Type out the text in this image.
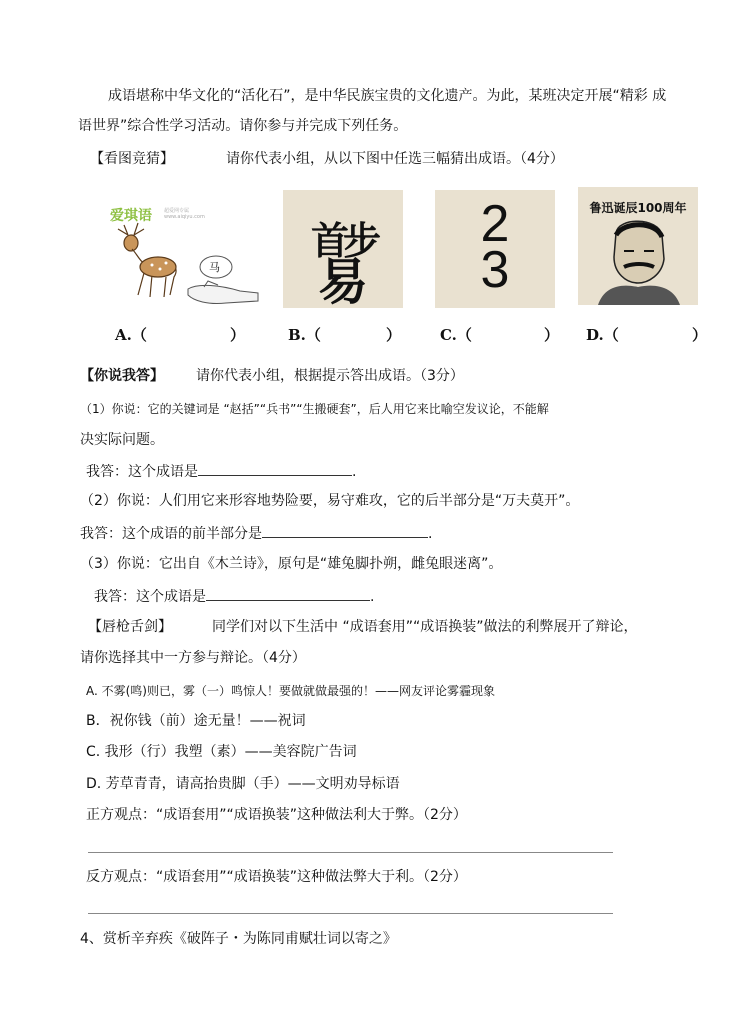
成语堪称中华文化的“活化石”，是中华民族宝贵的文化遗产。为此，某班决定开展“精彩 成
语世界”综合性学习活动。请你参与并完成下列任务。
【看图竞猜】	请你代表小组，从以下图中任选三幅猜出成语。（4分）
爱琪语 超爱网专属 www.aiqiyu.com
马
首步
易
2
3
鲁迅诞辰100周年
A.（	）	B.（	）	C.（	） D.（	）
【你说我答】 请你代表小组，根据提示答出成语。（3分）
（1）你说：它的关键词是 “赵括”“兵书”“生搬硬套”，后人用它来比喻空发议论，不能解
决实际问题。
我答：这个成语是	.
（2）你说：人们用它来形容地势险要，易守难攻，它的后半部分是“万夫莫开”。
我答：这个成语的前半部分是	.
（3）你说：它出自《木兰诗》，原句是“雄兔脚扑朔，雌兔眼迷离”。
我答：这个成语是	.
【唇枪舌剑】	同学们对以下生活中 “成语套用”“成语换装”做法的利弊展开了辩论，
请你选择其中一方参与辩论。（4分）
A. 不雾(鸣)则已，雾（一）鸣惊人！要做就做最强的！——网友评论雾霾现象
B．祝你钱（前）途无量！——祝词
C. 我形（行）我塑（素）——美容院广告词
D. 芳草青青，请高抬贵脚（手）——文明劝导标语
正方观点：“成语套用”“成语换装”这种做法利大于弊。（2分）
反方观点：“成语套用”“成语换装”这种做法弊大于利。（2分）
4、赏析辛弃疾《破阵子・为陈同甫赋壮词以寄之》
